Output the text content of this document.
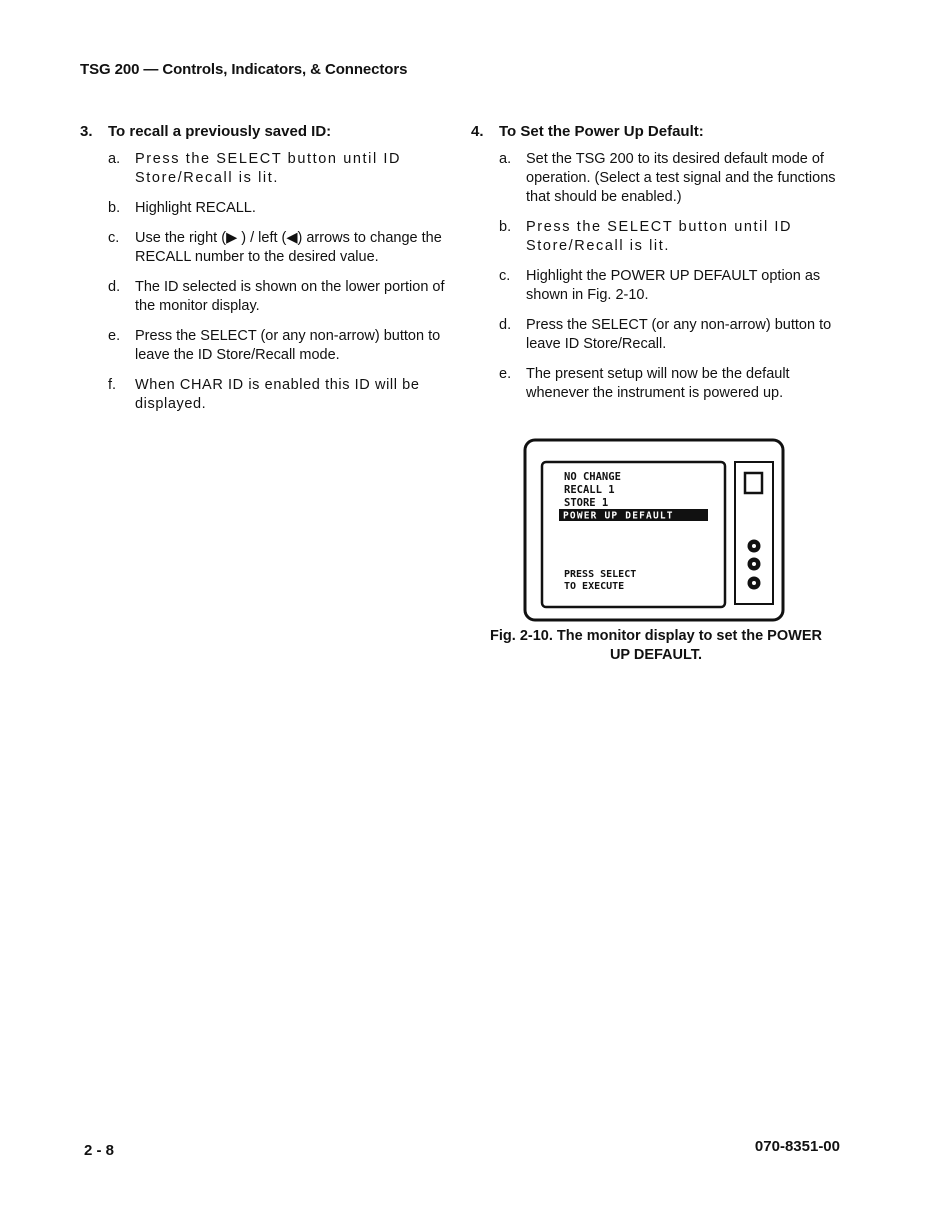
TSG 200 — Controls, Indicators, & Connectors
3.	To recall a previously saved ID:
a.	Press the SELECT button until ID Store/Recall is lit.
b.	Highlight RECALL.
c.	Use the right (▶ ) / left (◀) arrows to change the RECALL number to the desired value.
d.	The ID selected is shown on the lower portion of the monitor display.
e.	Press the SELECT (or any non-arrow) button to leave the ID Store/Recall mode.
f.	When CHAR ID is enabled this ID will be displayed.
4.	To Set the Power Up Default:
a.	Set the TSG 200 to its desired default mode of operation. (Select a test signal and the functions that should be enabled.)
b.	Press the SELECT button until ID Store/Recall is lit.
c.	Highlight the POWER UP DEFAULT option as shown in Fig. 2-10.
d.	Press the SELECT (or any non-arrow) button to leave ID Store/Recall.
e.	The present setup will now be the default whenever the instrument is powered up.
NO CHANGE
RECALL 1
STORE 1
POWER UP DEFAULT
PRESS SELECT
TO EXECUTE
Fig. 2-10. The monitor display to set the POWER
UP DEFAULT.
2 - 8	070-8351-00
